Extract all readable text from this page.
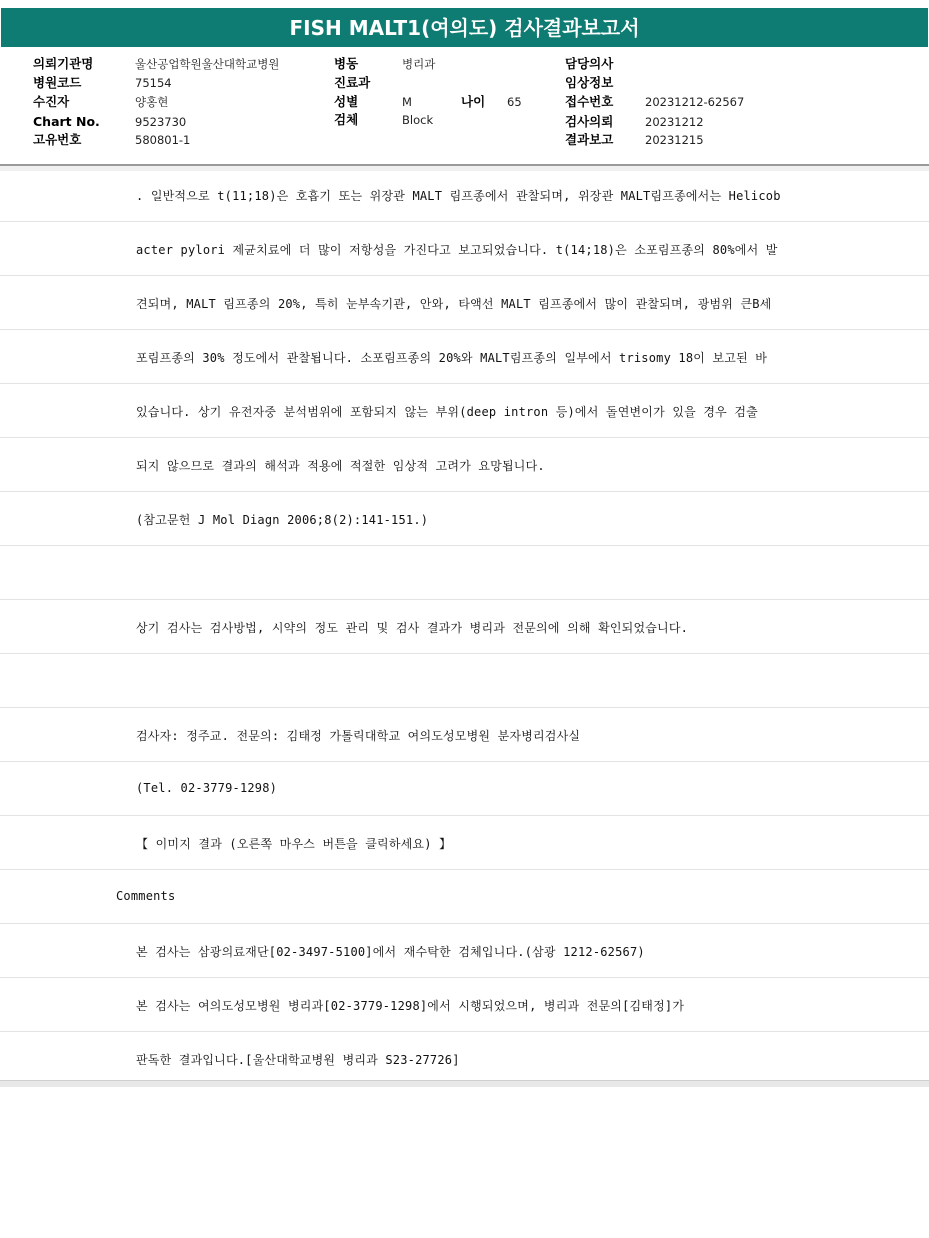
FISH MALT1(여의도) 검사결과보고서
의뢰기관명	울산공업학원울산대학교병원
병원코드	75154
수진자	양홍현
Chart No.	9523730
고유번호	580801-1
병동	병리과
진료과
성별	M	나이 65
검체	Block
담당의사
임상정보
접수번호	20231212-62567
검사의뢰	20231212
결과보고	20231215
. 일반적으로 t(11;18)은 호흡기 또는 위장관 MALT 림프종에서 관찰되며, 위장관 MALT림프종에서는 Helicob
acter pylori 제균치료에 더 많이 저항성을 가진다고 보고되었습니다. t(14;18)은 소포림프종의 80%에서 발
견되며, MALT 림프종의 20%, 특히 눈부속기관, 안와, 타액선 MALT 림프종에서 많이 관찰되며, 광범위 큰B세
포림프종의 30% 정도에서 관찰됩니다. 소포림프종의 20%와 MALT림프종의 일부에서 trisomy 18이 보고된 바
있습니다. 상기 유전자중 분석범위에 포함되지 않는 부위(deep intron 등)에서 돌연변이가 있을 경우 검출
되지 않으므로 결과의 해석과 적용에 적절한 임상적 고려가 요망됩니다.
(참고문헌 J Mol Diagn 2006;8(2):141-151.)
상기 검사는 검사방법, 시약의 정도 관리 및 검사 결과가 병리과 전문의에 의해 확인되었습니다.
검사자: 정주교. 전문의: 김태정 가톨릭대학교 여의도성모병원 분자병리검사실
(Tel. 02-3779-1298)
【 이미지 결과 (오른쪽 마우스 버튼을 클릭하세요) 】
Comments
본 검사는 삼광의료재단[02-3497-5100]에서 재수탁한 검체입니다.(삼광 1212-62567)
본 검사는 여의도성모병원 병리과[02-3779-1298]에서 시행되었으며, 병리과 전문의[김태정]가
판독한 결과입니다.[울산대학교병원 병리과 S23-27726]
